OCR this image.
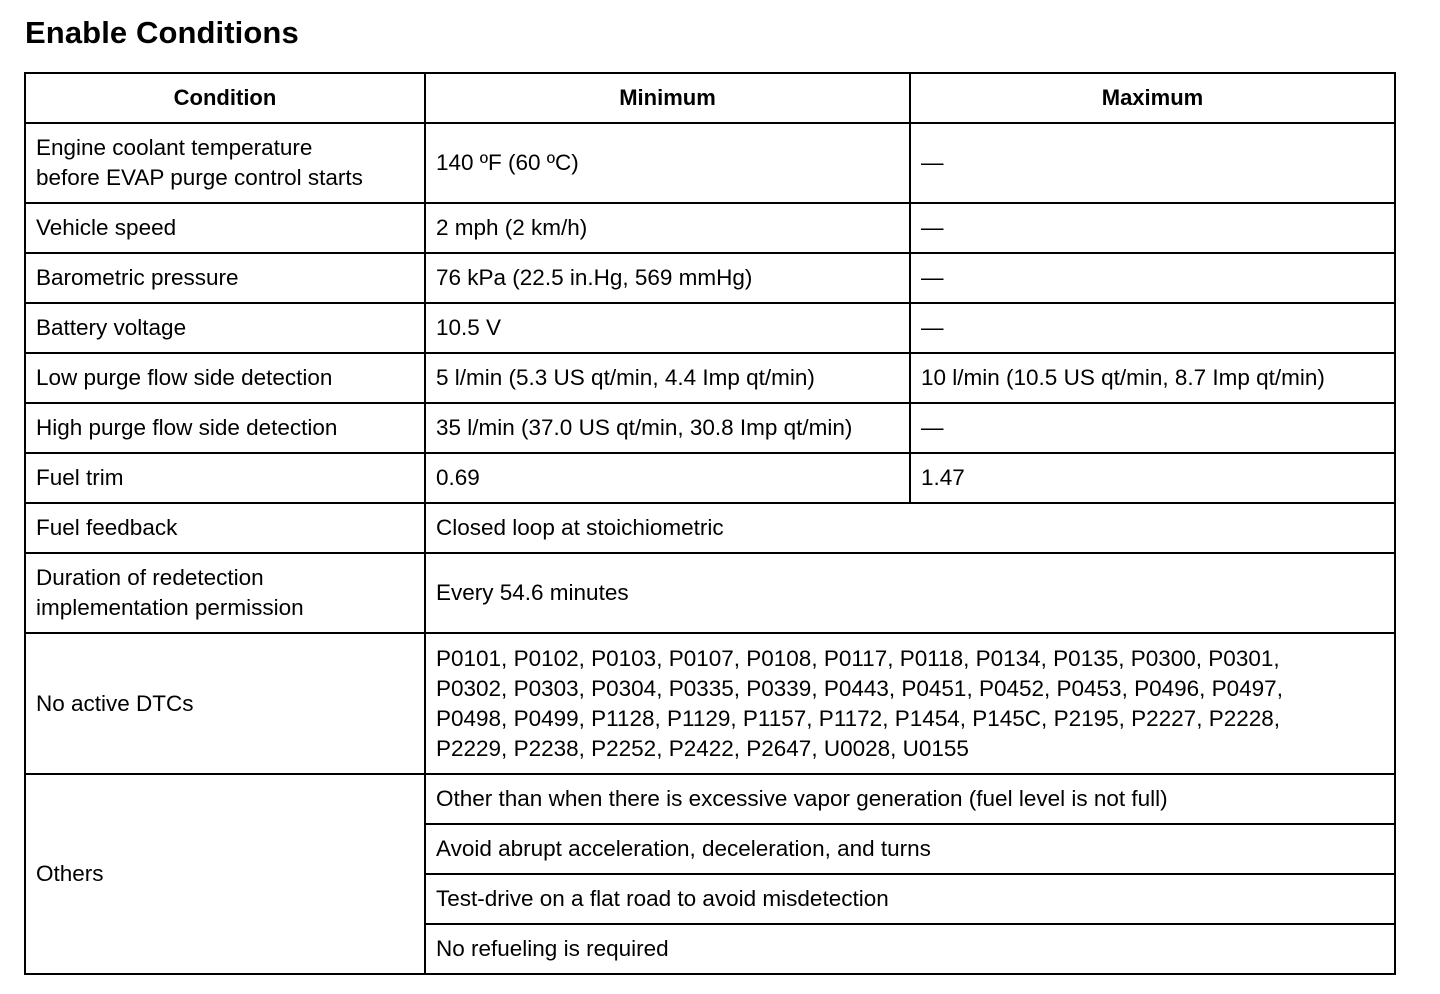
Enable Conditions
Condition	Minimum	Maximum

Engine coolant temperature
before EVAP purge control starts	140 ºF (60 ºC)	—
Vehicle speed	2 mph (2 km/h)	—
Barometric pressure	76 kPa (22.5 in.Hg, 569 mmHg)	—
Battery voltage	10.5 V	—
Low purge flow side detection	5 l/min (5.3 US qt/min, 4.4 Imp qt/min)	10 l/min (10.5 US qt/min, 8.7 Imp qt/min)
High purge flow side detection	35 l/min (37.0 US qt/min, 30.8 Imp qt/min)	—
Fuel trim	0.69	1.47
Fuel feedback	Closed loop at stoichiometric	

Duration of redetection
implementation permission	Every 54.6 minutes	
No active DTCs	P0101, P0102, P0103, P0107, P0108, P0117, P0118, P0134, P0135, P0300, P0301,
P0302, P0303, P0304, P0335, P0339, P0443, P0451, P0452, P0453, P0496, P0497,
P0498, P0499, P1128, P1129, P1157, P1172, P1454, P145C, P2195, P2227, P2228,
P2229, P2238, P2252, P2422, P2647, U0028, U0155	

Others	Other than when there is excessive vapor generation (fuel level is not full)	
	Avoid abrupt acceleration, deceleration, and turns	
	Test-drive on a flat road to avoid misdetection	
	No refueling is required	
